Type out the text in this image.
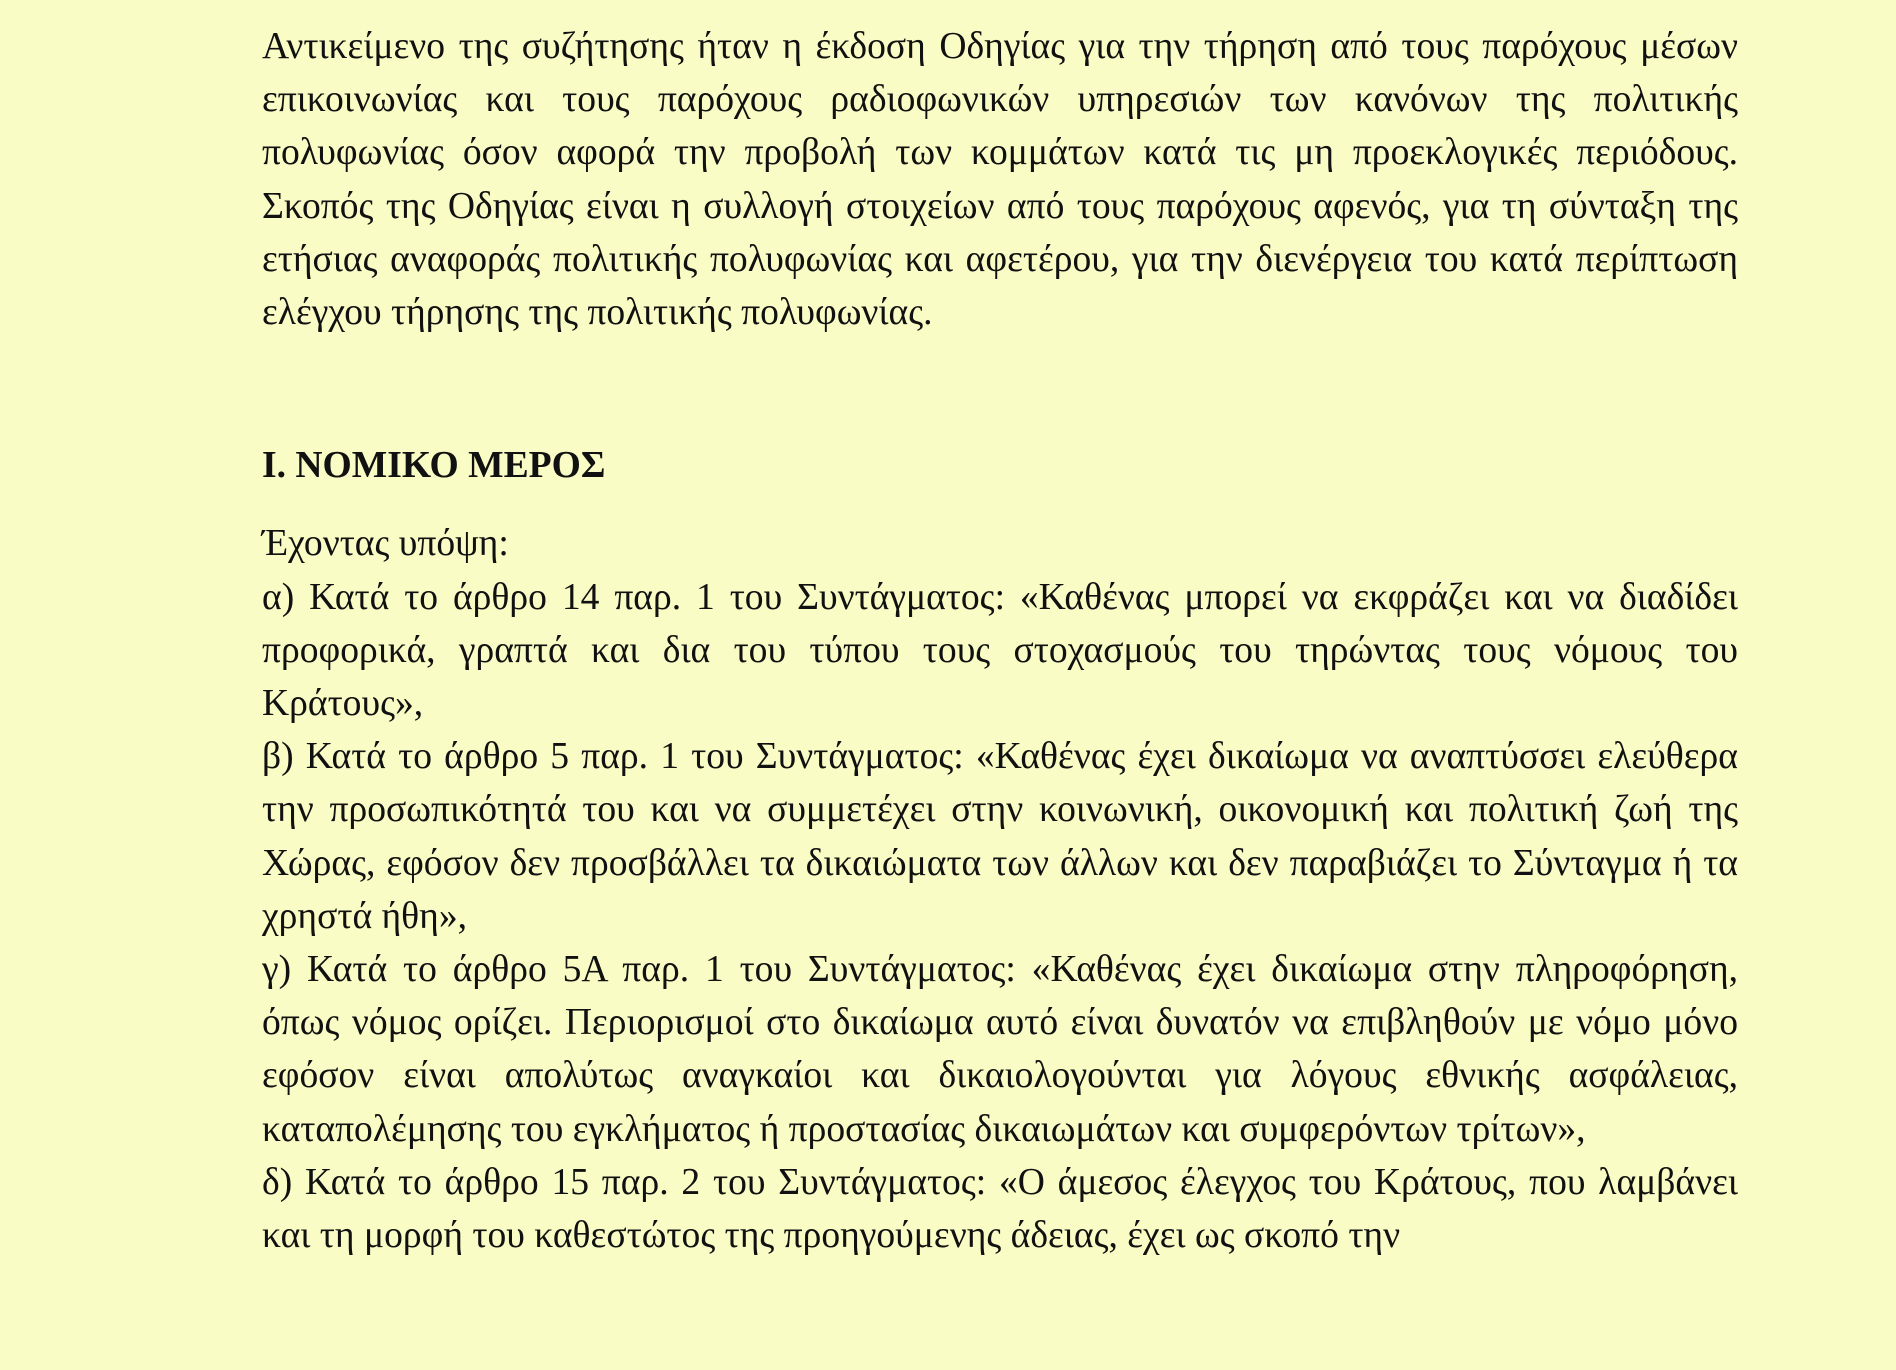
Αντικείμενο της συζήτησης ήταν η έκδοση Οδηγίας για την τήρηση από τους παρόχους μέσων επικοινωνίας και τους παρόχους ραδιοφωνικών υπηρεσιών των κανόνων της πολιτικής πολυφωνίας όσον αφορά την προβολή των κομμάτων κατά τις μη προεκλογικές περιόδους. Σκοπός της Οδηγίας είναι η συλλογή στοιχείων από τους παρόχους αφενός, για τη σύνταξη της ετήσιας αναφοράς πολιτικής πολυφωνίας και αφετέρου, για την διενέργεια του κατά περίπτωση ελέγχου τήρησης της πολιτικής πολυφωνίας.

I. ΝΟΜΙΚΟ ΜΕΡΟΣ

Έχοντας υπόψη:

α) Κατά το άρθρο 14 παρ. 1 του Συντάγματος: «Καθένας μπορεί να εκφράζει και να διαδίδει προφορικά, γραπτά και δια του τύπου τους στοχασμούς του τηρώντας τους νόμους του Κράτους»,

β) Κατά το άρθρο 5 παρ. 1 του Συντάγματος: «Καθένας έχει δικαίωμα να αναπτύσσει ελεύθερα την προσωπικότητά του και να συμμετέχει στην κοινωνική, οικονομική και πολιτική ζωή της Χώρας, εφόσον δεν προσβάλλει τα δικαιώματα των άλλων και δεν παραβιάζει το Σύνταγμα ή τα χρηστά ήθη»,

γ) Κατά το άρθρο 5Α παρ. 1 του Συντάγματος: «Καθένας έχει δικαίωμα στην πληροφόρηση, όπως νόμος ορίζει. Περιορισμοί στο δικαίωμα αυτό είναι δυνατόν να επιβληθούν με νόμο μόνο εφόσον είναι απολύτως αναγκαίοι και δικαιολογούνται για λόγους εθνικής ασφάλειας, καταπολέμησης του εγκλήματος ή προστασίας δικαιωμάτων και συμφερόντων τρίτων»,

δ) Κατά το άρθρο 15 παρ. 2 του Συντάγματος: «Ο άμεσος έλεγχος του Κράτους, που λαμβάνει και τη μορφή του καθεστώτος της προηγούμενης άδειας, έχει ως σκοπό την
